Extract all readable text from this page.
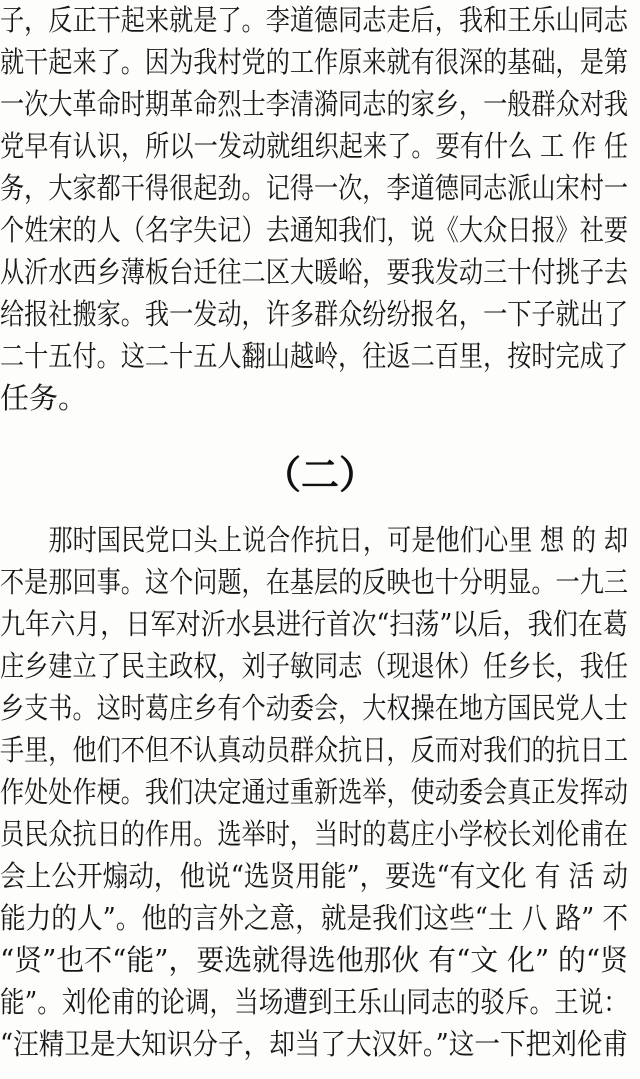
子，反正干起来就是了。李道德同志走后，我和王乐山同志
就干起来了。因为我村党的工作原来就有很深的基础，是第
一次大革命时期革命烈士李清漪同志的家乡，一般群众对我
党早有认识，所以一发动就组织起来了。要有什么 工 作 任
务，大家都干得很起劲。记得一次，李道德同志派山宋村一
个姓宋的人（名字失记）去通知我们，说《大众日报》社要
从沂水西乡薄板台迁往二区大暖峪，要我发动三十付挑子去
给报社搬家。我一发动，许多群众纷纷报名，一下子就出了
二十五付。这二十五人翻山越岭，往返二百里，按时完成了
任务。
（二）
　　那时国民党口头上说合作抗日，可是他们心里 想 的 却
不是那回事。这个问题，在基层的反映也十分明显。一九三
九年六月，日军对沂水县进行首次“扫荡”以后，我们在葛
庄乡建立了民主政权，刘子敏同志（现退休）任乡长，我任
乡支书。这时葛庄乡有个动委会，大权操在地方国民党人士
手里，他们不但不认真动员群众抗日，反而对我们的抗日工
作处处作梗。我们决定通过重新选举，使动委会真正发挥动
员民众抗日的作用。选举时，当时的葛庄小学校长刘伦甫在
会上公开煽动，他说“选贤用能”，要选“有文化 有 活 动
能力的人”。他的言外之意，就是我们这些“土 八 路” 不
“贤”也不“能”，要选就得选他那伙 有“文 化” 的“贤
能”。刘伦甫的论调，当场遭到王乐山同志的驳斥。王说：
“汪精卫是大知识分子，却当了大汉奸。”这一下把刘伦甫
